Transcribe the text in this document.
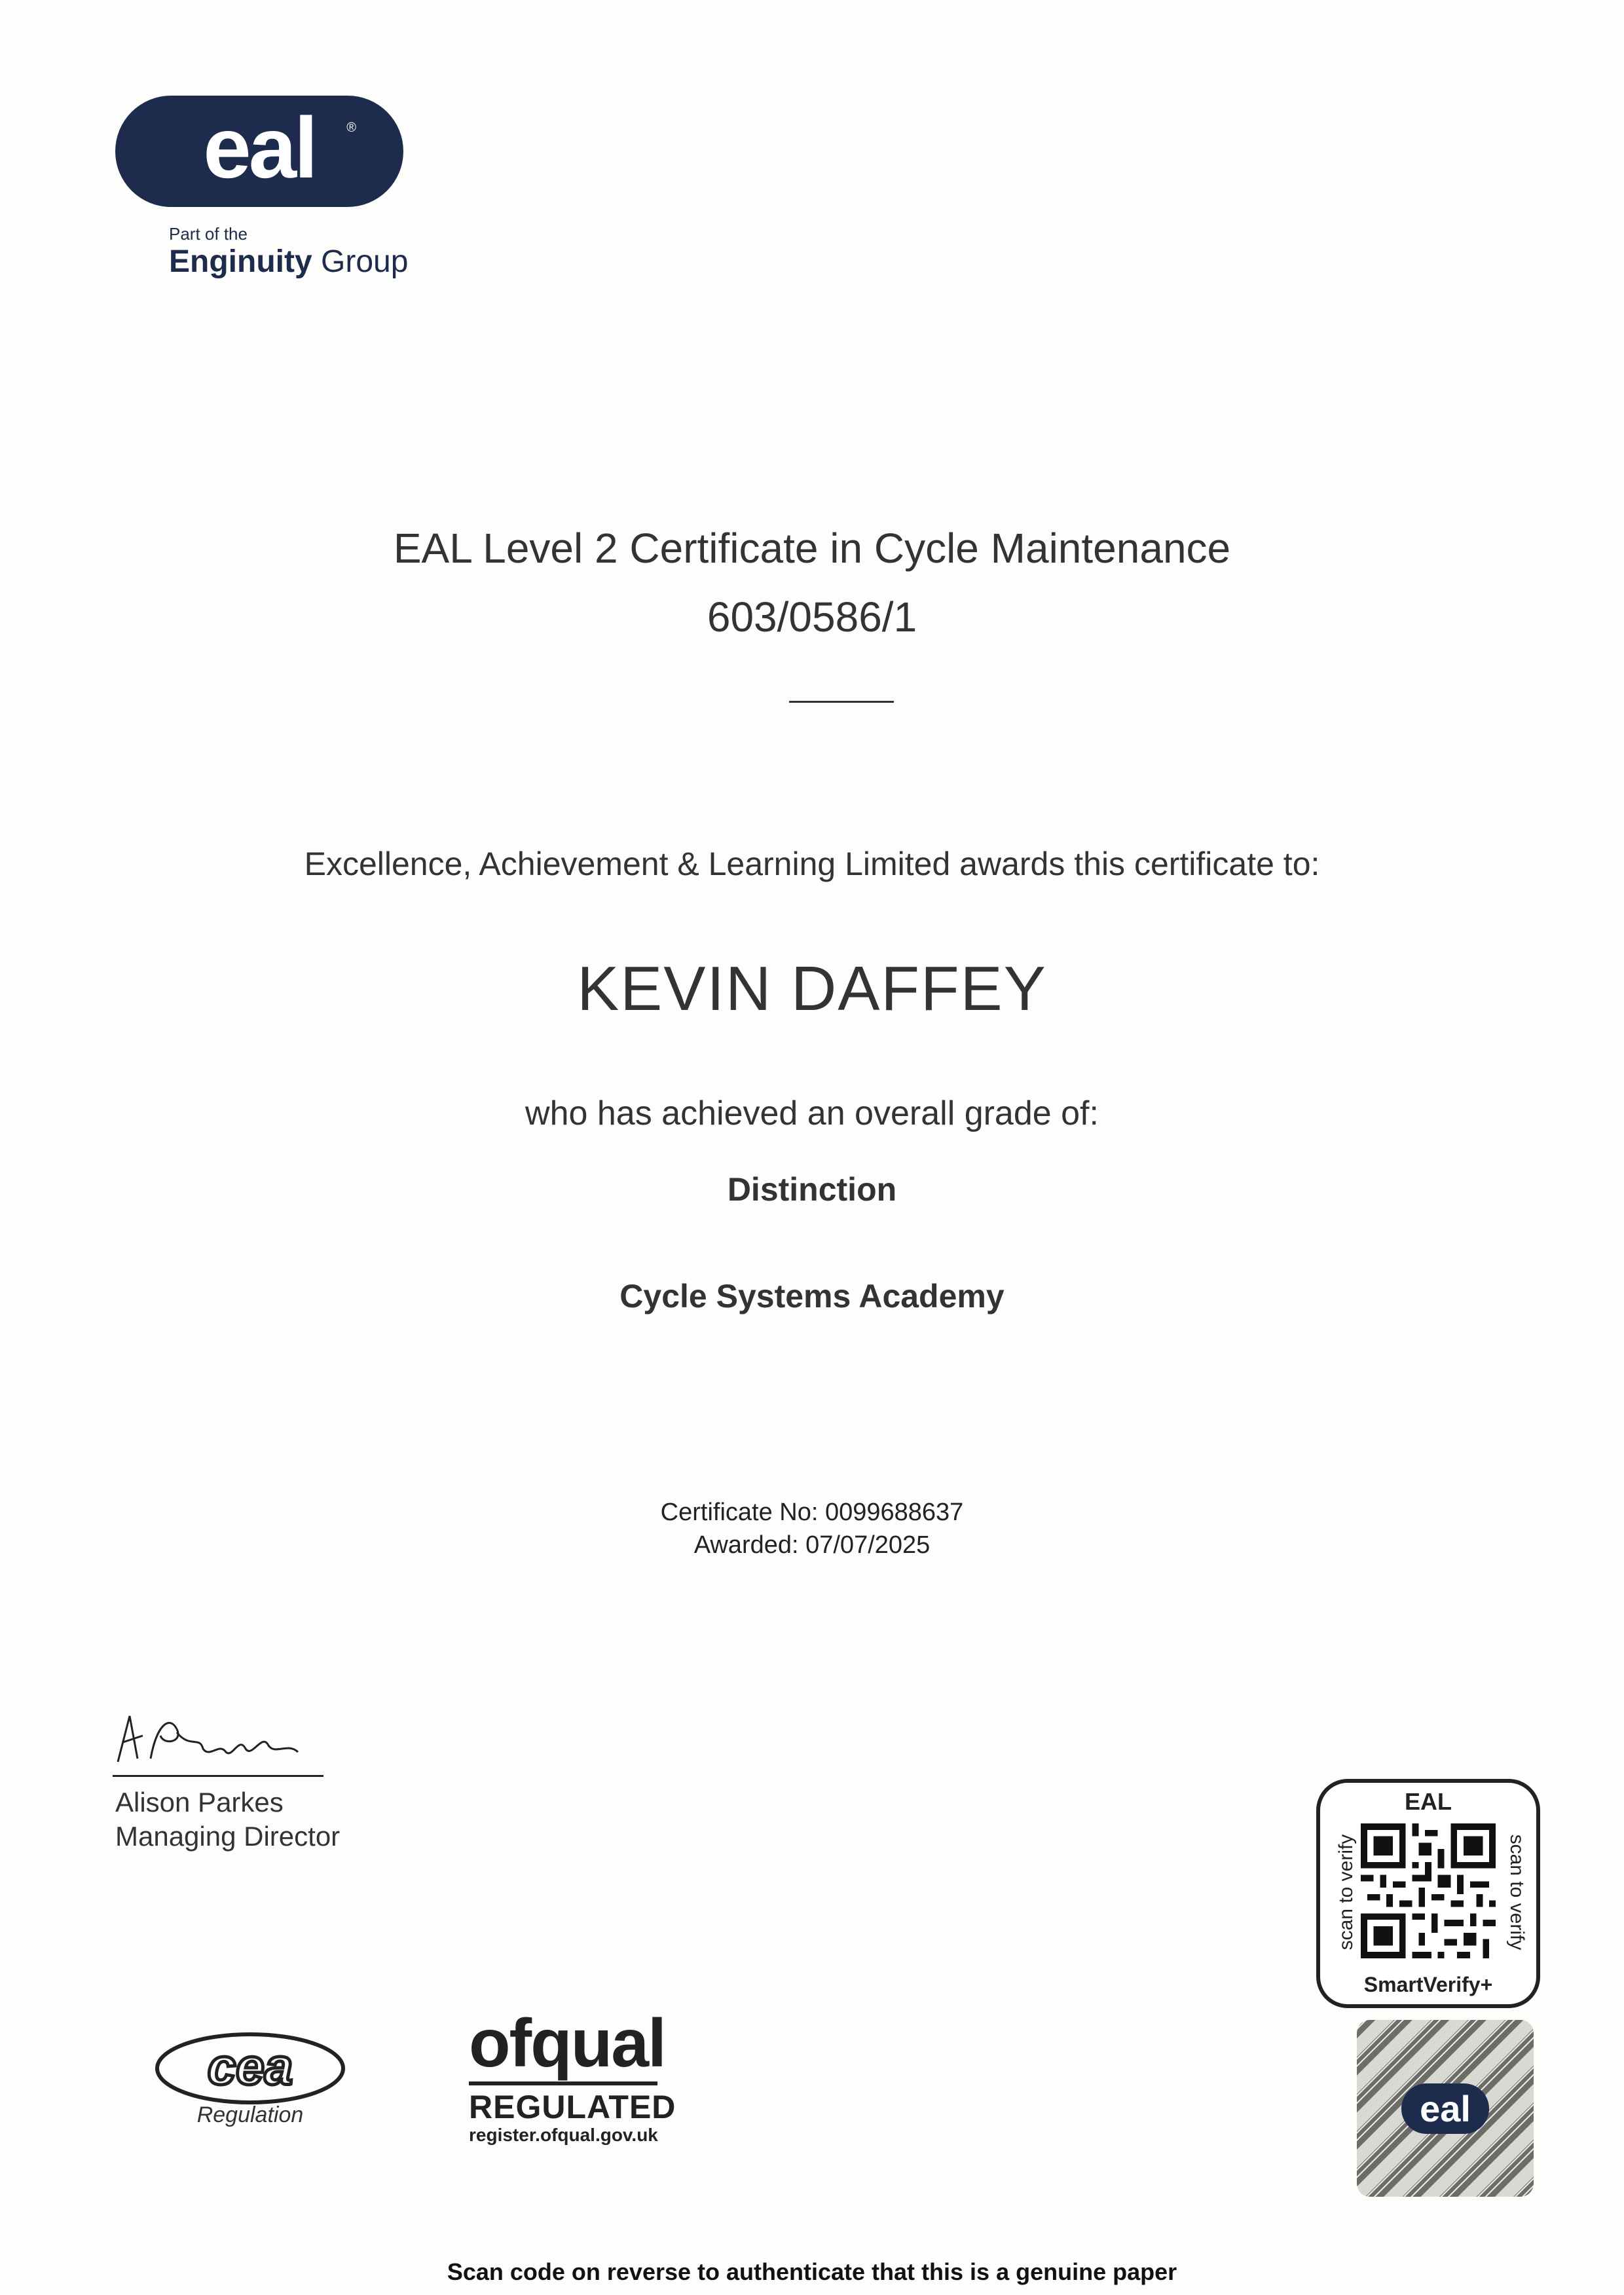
eal ®
Part of the
Enginuity Group
EAL Level 2 Certificate in Cycle Maintenance
603/0586/1
Excellence, Achievement & Learning Limited awards this certificate to:
KEVIN DAFFEY
who has achieved an overall grade of:
Distinction
Cycle Systems Academy
Certificate No: 0099688637
Awarded: 07/07/2025
Alison Parkes
Managing Director
cea
Regulation
ofqual
REGULATED
register.ofqual.gov.uk
EAL
scan to verify	scan to verify
SmartVerify+
eal
Scan code on reverse to authenticate that this is a genuine paper
